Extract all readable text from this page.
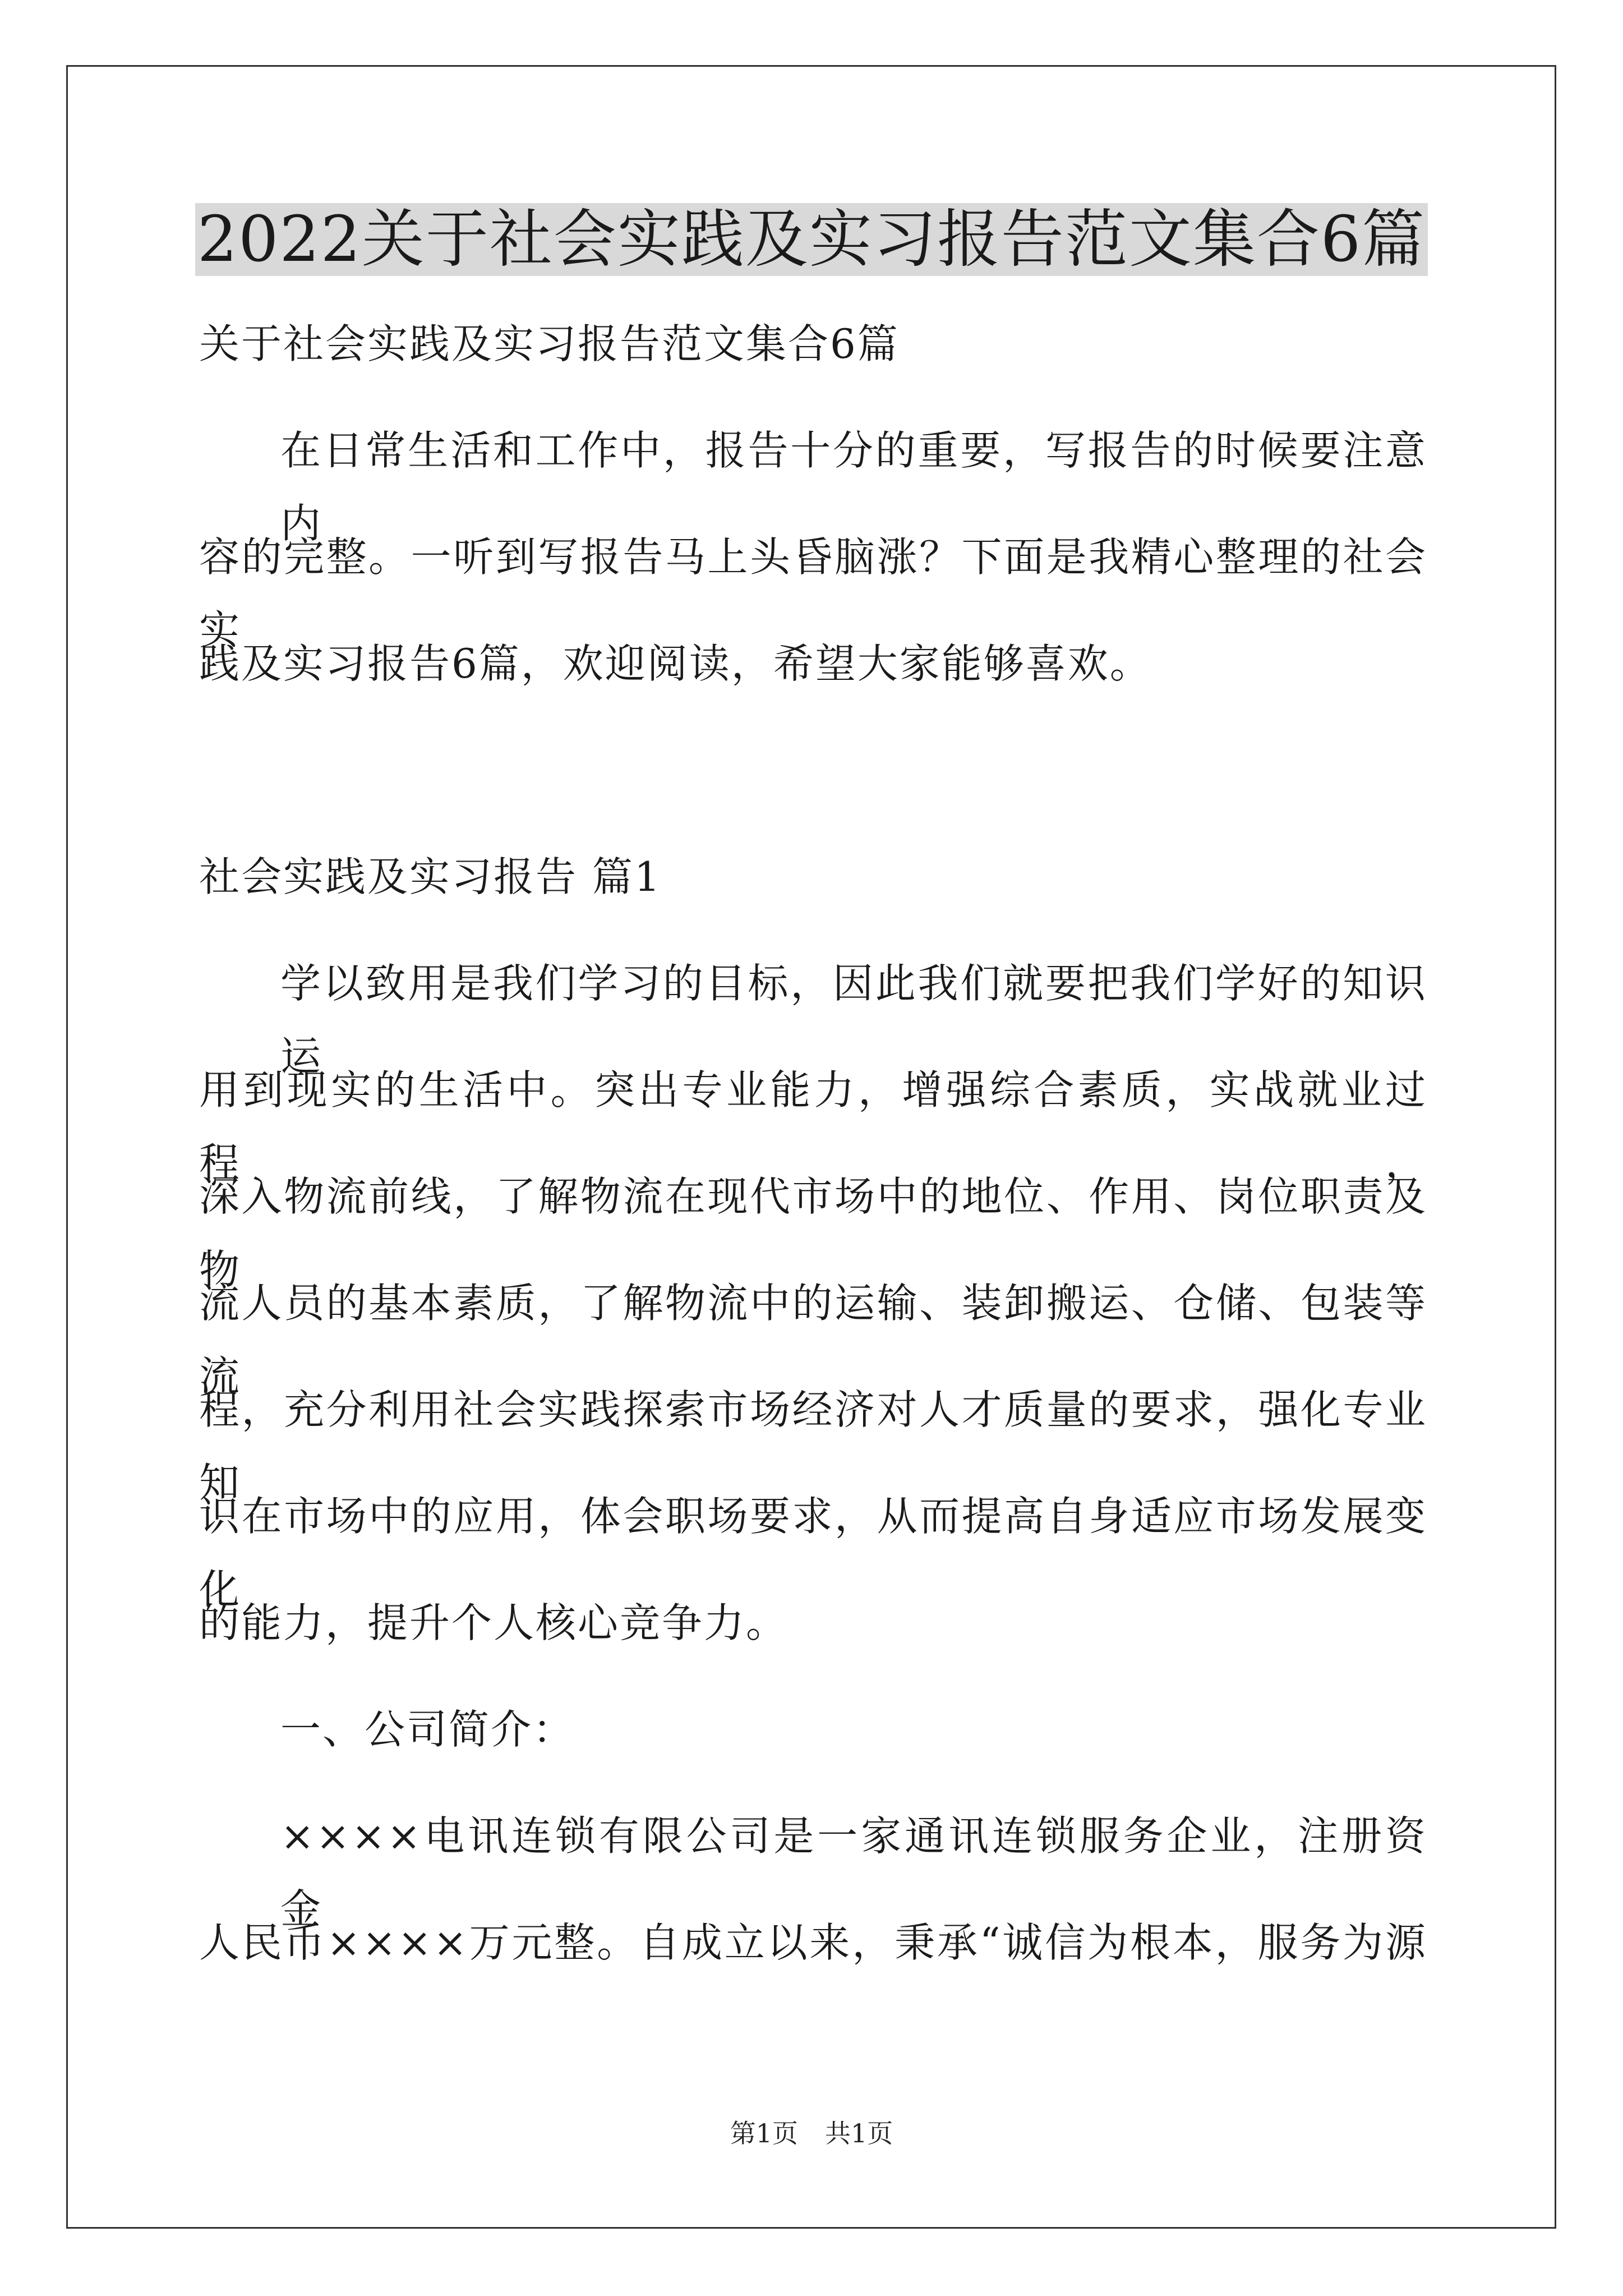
2022关于社会实践及实习报告范文集合6篇
关于社会实践及实习报告范文集合6篇
在日常生活和工作中，报告十分的重要，写报告的时候要注意内
容的完整。一听到写报告马上头昏脑涨？下面是我精心整理的社会实
践及实习报告6篇，欢迎阅读，希望大家能够喜欢。
社会实践及实习报告 篇1
学以致用是我们学习的目标，因此我们就要把我们学好的知识运
用到现实的生活中。突出专业能力，增强综合素质，实战就业过程，
深入物流前线，了解物流在现代市场中的地位、作用、岗位职责及物
流人员的基本素质，了解物流中的运输、装卸搬运、仓储、包装等流
程，充分利用社会实践探索市场经济对人才质量的要求，强化专业知
识在市场中的应用，体会职场要求，从而提高自身适应市场发展变化
的能力，提升个人核心竞争力。
一、公司简介：
××××电讯连锁有限公司是一家通讯连锁服务企业，注册资金
人民币××××万元整。自成立以来，秉承“诚信为根本，服务为源
第1页 共1页
